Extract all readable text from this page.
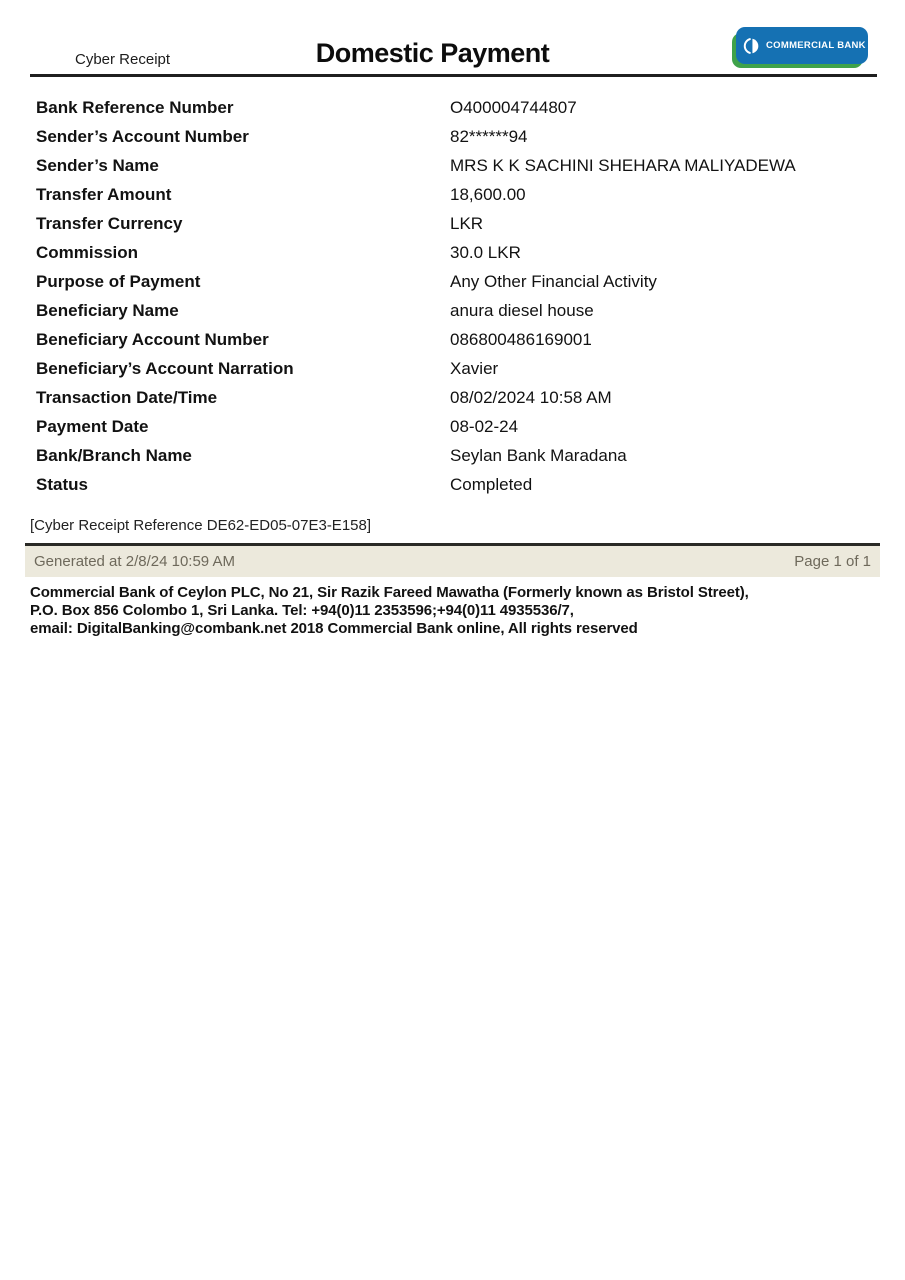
Cyber Receipt	Domestic Payment	COMMERCIAL BANK
Bank Reference Number	O400004744807
Sender’s Account Number	82******94
Sender’s Name	MRS K K SACHINI SHEHARA MALIYADEWA
Transfer Amount	18,600.00
Transfer Currency	LKR
Commission	30.0 LKR
Purpose of Payment	Any Other Financial Activity
Beneficiary Name	anura diesel house
Beneficiary Account Number	086800486169001
Beneficiary’s Account Narration	Xavier
Transaction Date/Time	08/02/2024 10:58 AM
Payment Date	08-02-24
Bank/Branch Name	Seylan Bank Maradana
Status	Completed
[Cyber Receipt Reference DE62-ED05-07E3-E158]
Generated at 2/8/24 10:59 AM	Page 1 of 1
Commercial Bank of Ceylon PLC, No 21, Sir Razik Fareed Mawatha (Formerly known as Bristol Street),
P.O. Box 856 Colombo 1, Sri Lanka. Tel: +94(0)11 2353596;+94(0)11 4935536/7,
email: DigitalBanking@combank.net 2018 Commercial Bank online, All rights reserved
